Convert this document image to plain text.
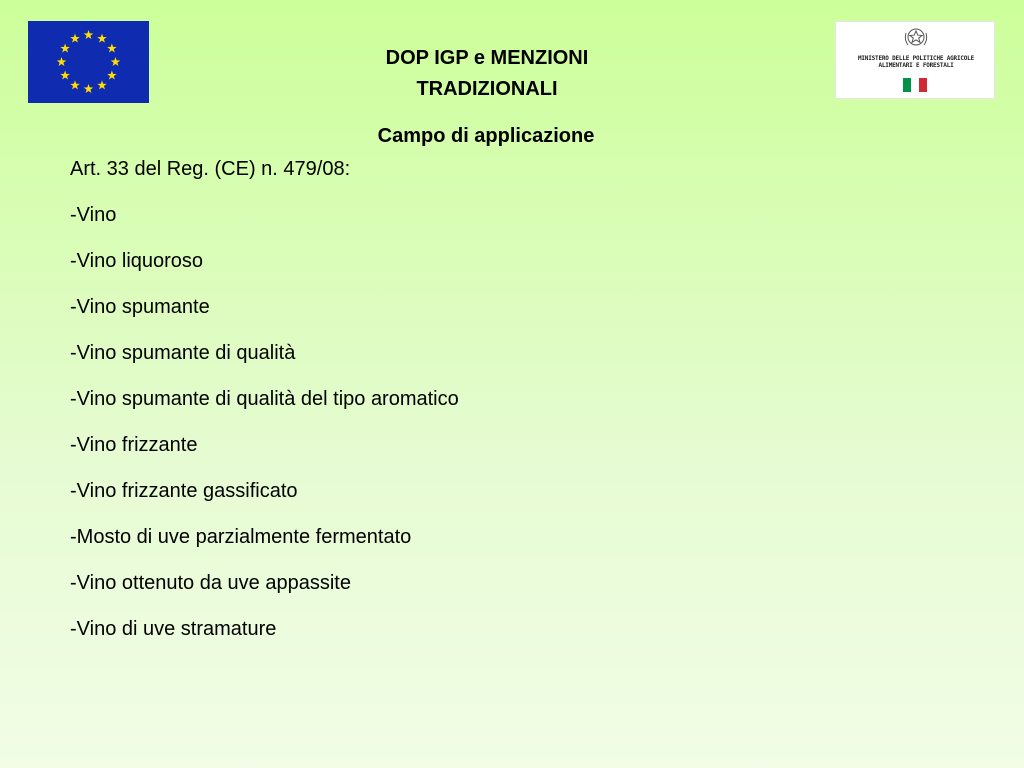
MINISTERO DELLE POLITICHE AGRICOLE
ALIMENTARI E FORESTALI
DOP IGP e MENZIONI
TRADIZIONALI
Campo di applicazione

Art. 33 del Reg. (CE) n. 479/08:

-Vino
-Vino liquoroso
-Vino spumante
-Vino spumante di qualità
-Vino spumante di qualità del tipo aromatico
-Vino frizzante
-Vino frizzante gassificato
-Mosto di uve parzialmente fermentato
-Vino ottenuto da uve appassite
-Vino di uve stramature
